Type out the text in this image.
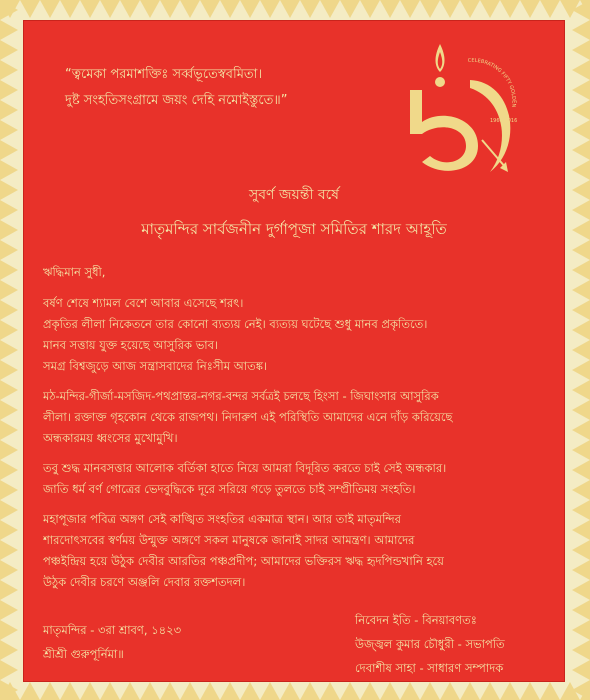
“ত্বমেকা পরমাশক্তিঃ সর্ব্বভূতেস্ববমিতা।
দুষ্ট সংহতিসংগ্রামে জয়ং দেহি নমোইস্তুতে॥”
CELEBRATING FIFTY GOLDEN
1966-2016
সুবর্ণ জয়ন্তী বর্ষে
মাতৃমন্দির সার্বজনীন দুর্গাপূজা সমিতির শারদ আহূতি

ঋদ্ধিমান সুধী,

বর্ষণ শেষে শ্যামল বেশে আবার এসেছে শরৎ।
প্রকৃতির লীলা নিকেতনে তার কোনো ব্যত্যয় নেই। ব্যত্যয় ঘটেছে শুধু মানব প্রকৃতিতে।
মানব সত্তায় যুক্ত হয়েছে আসুরিক ভাব।
সমগ্র বিশ্বজুড়ে আজ সন্ত্রাসবাদের নিঃসীম আতঙ্ক।

মঠ-মন্দির-গীর্জা-মসজিদ-পথপ্রান্তর-নগর-বন্দর সর্বত্রই চলছে হিংসা - জিঘাংসার আসুরিক
লীলা। রক্তাক্ত গৃহকোন থেকে রাজপথ। নিদারুণ এই পরিস্থিতি আমাদের এনে দাঁড় করিয়েছে
অন্ধকারময় ধ্বংসের মুখোমুখি।

তবু শুদ্ধ মানবসত্তার আলোক বর্তিকা হাতে নিয়ে আমরা বিদূরিত করতে চাই সেই অন্ধকার।
জাতি ধর্ম বর্ণ গোত্রের ভেদবুদ্ধিকে দূরে সরিয়ে গড়ে তুলতে চাই সম্প্রীতিময় সংহতি।

মহাপূজার পবিত্র অঙ্গণ সেই কাঙ্খিত সংহতির একমাত্র স্থান। আর তাই মাতৃমন্দির
শারদোৎসবের স্বর্ণময় উন্মুক্ত অঙ্গণে সকল মানুষকে জানাই সাদর আমন্ত্রণ। আমাদের
পঞ্চইন্দ্রিয় হয়ে উঠুক দেবীর আরতির পঞ্চপ্রদীপ; আমাদের ভক্তিরস ঋদ্ধ হৃদপিন্ডখানি হয়ে
উঠুক দেবীর চরণে অঞ্জলি দেবার রক্তশতদল।

মাতৃমন্দির - ৩রা শ্রাবণ, ১৪২৩
শ্রীশ্রী গুরুপূর্নিমা॥
নিবেদন ইতি - বিনয়াবণতঃ
উজ্জ্বল কুমার চৌধুরী - সভাপতি
দেবাশীষ সাহা - সাধারণ সম্পাদক
